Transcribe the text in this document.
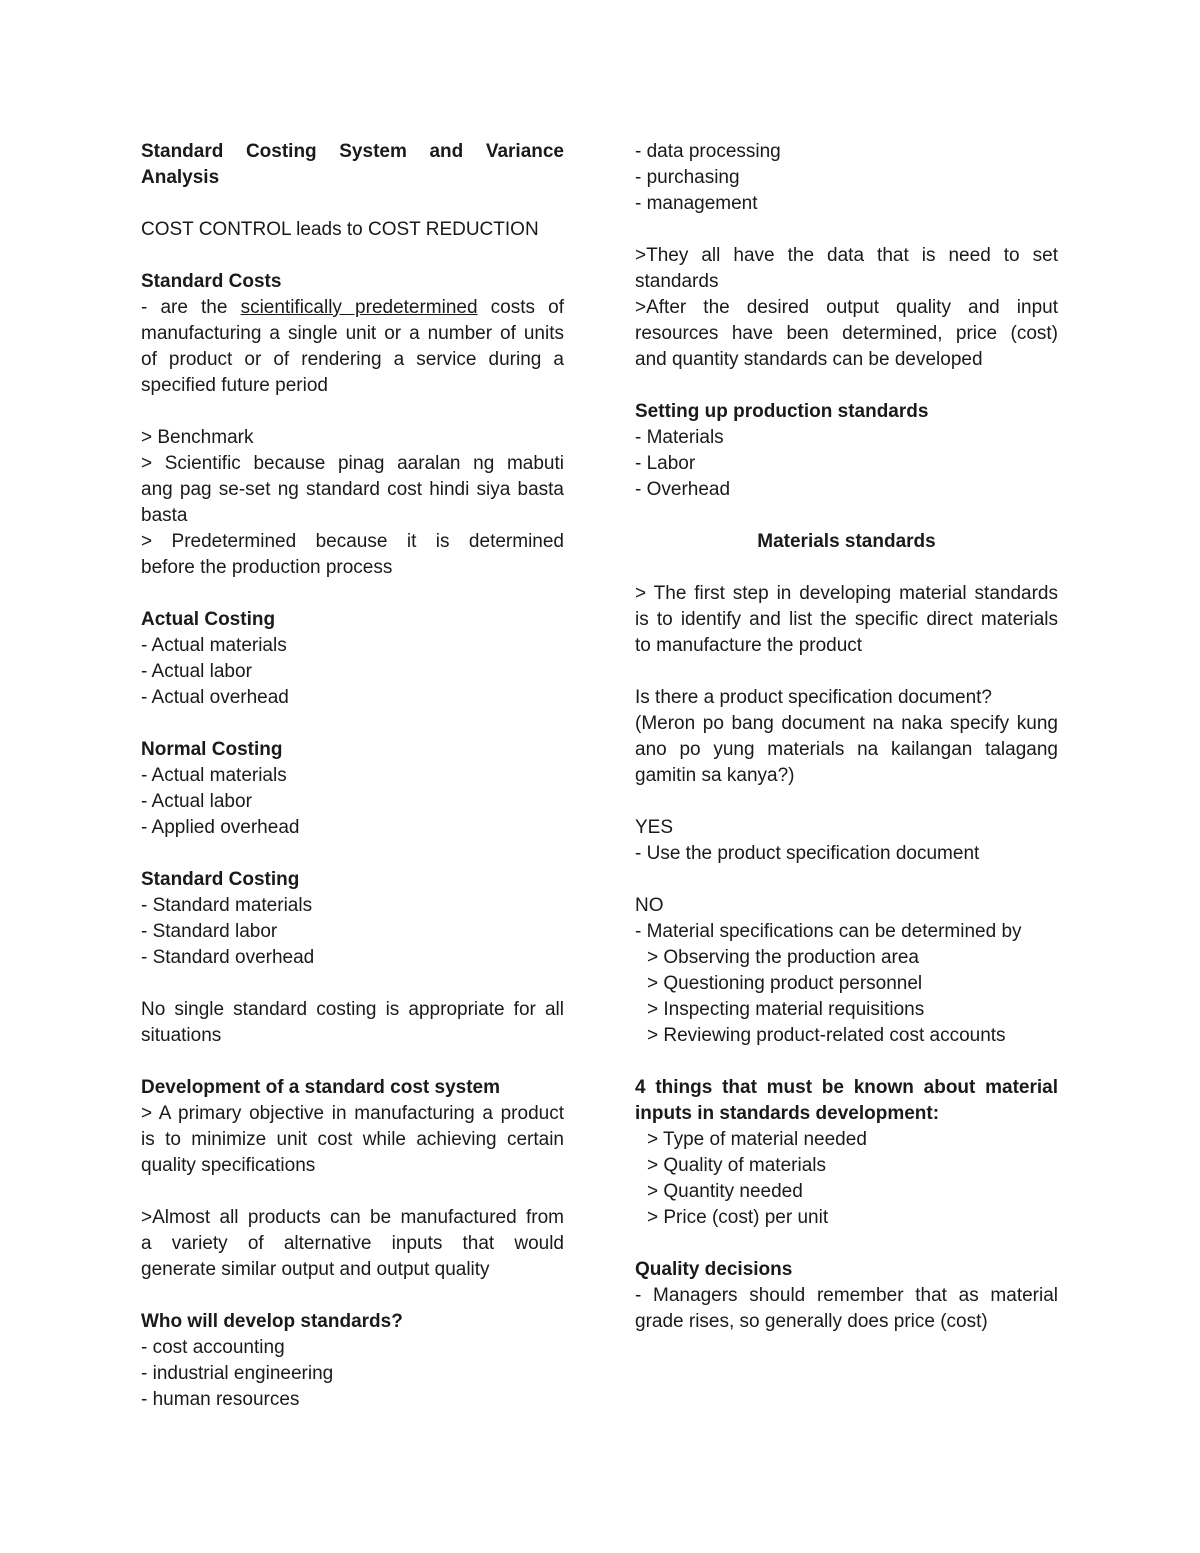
Standard Costing System and Variance

Analysis

COST CONTROL leads to COST REDUCTION

Standard Costs

- are the scientifically predetermined costs of

manufacturing a single unit or a number of units

of product or of rendering a service during a

specified future period

> Benchmark

> Scientific because pinag aaralan ng mabuti

ang pag se-set ng standard cost hindi siya basta

basta

> Predetermined because it is determined

before the production process

Actual Costing

- Actual materials

- Actual labor

- Actual overhead

Normal Costing

- Actual materials

- Actual labor

- Applied overhead

Standard Costing

- Standard materials

- Standard labor

- Standard overhead

No single standard costing is appropriate for all

situations

Development of a standard cost system

> A primary objective in manufacturing a product

is to minimize unit cost while achieving certain

quality specifications

>Almost all products can be manufactured from

a variety of alternative inputs that would

generate similar output and output quality

Who will develop standards?

- cost accounting

- industrial engineering

- human resources

- data processing

- purchasing

- management

>They all have the data that is need to set

standards

>After the desired output quality and input

resources have been determined, price (cost)

and quantity standards can be developed

Setting up production standards

- Materials

- Labor

- Overhead

Materials standards

> The first step in developing material standards

is to identify and list the specific direct materials

to manufacture the product

Is there a product specification document?

(Meron po bang document na naka specify kung

ano po yung materials na kailangan talagang

gamitin sa kanya?)

YES

- Use the product specification document

NO

- Material specifications can be determined by

> Observing the production area

> Questioning product personnel

> Inspecting material requisitions

> Reviewing product-related cost accounts

4 things that must be known about material

inputs in standards development:

> Type of material needed

> Quality of materials

> Quantity needed

> Price (cost) per unit

Quality decisions

- Managers should remember that as material

grade rises, so generally does price (cost)
